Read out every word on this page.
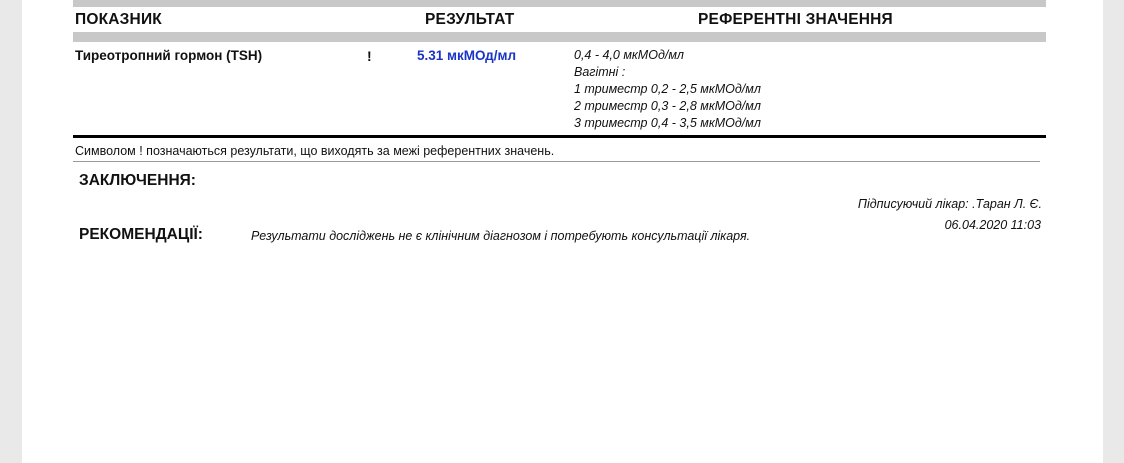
ПОКАЗНИК	РЕЗУЛЬТАТ	РЕФЕРЕНТНІ ЗНАЧЕННЯ
Тиреотропний гормон (TSH)	!	5.31 мкМОд/мл	0,4 - 4,0 мкМОд/мл
Вагітні :
1 триместр 0,2 - 2,5 мкМОд/мл
2 триместр 0,3 - 2,8 мкМОд/мл
3 триместр 0,4 - 3,5 мкМОд/мл
Символом ! позначаються результати, що виходять за межі референтних значень.
ЗАКЛЮЧЕННЯ:
Підписуючий лікар: .Таран Л. Є.
06.04.2020 11:03
РЕКОМЕНДАЦІЇ:	Результати досліджень не є клінічним діагнозом і потребують консультації лікаря.
